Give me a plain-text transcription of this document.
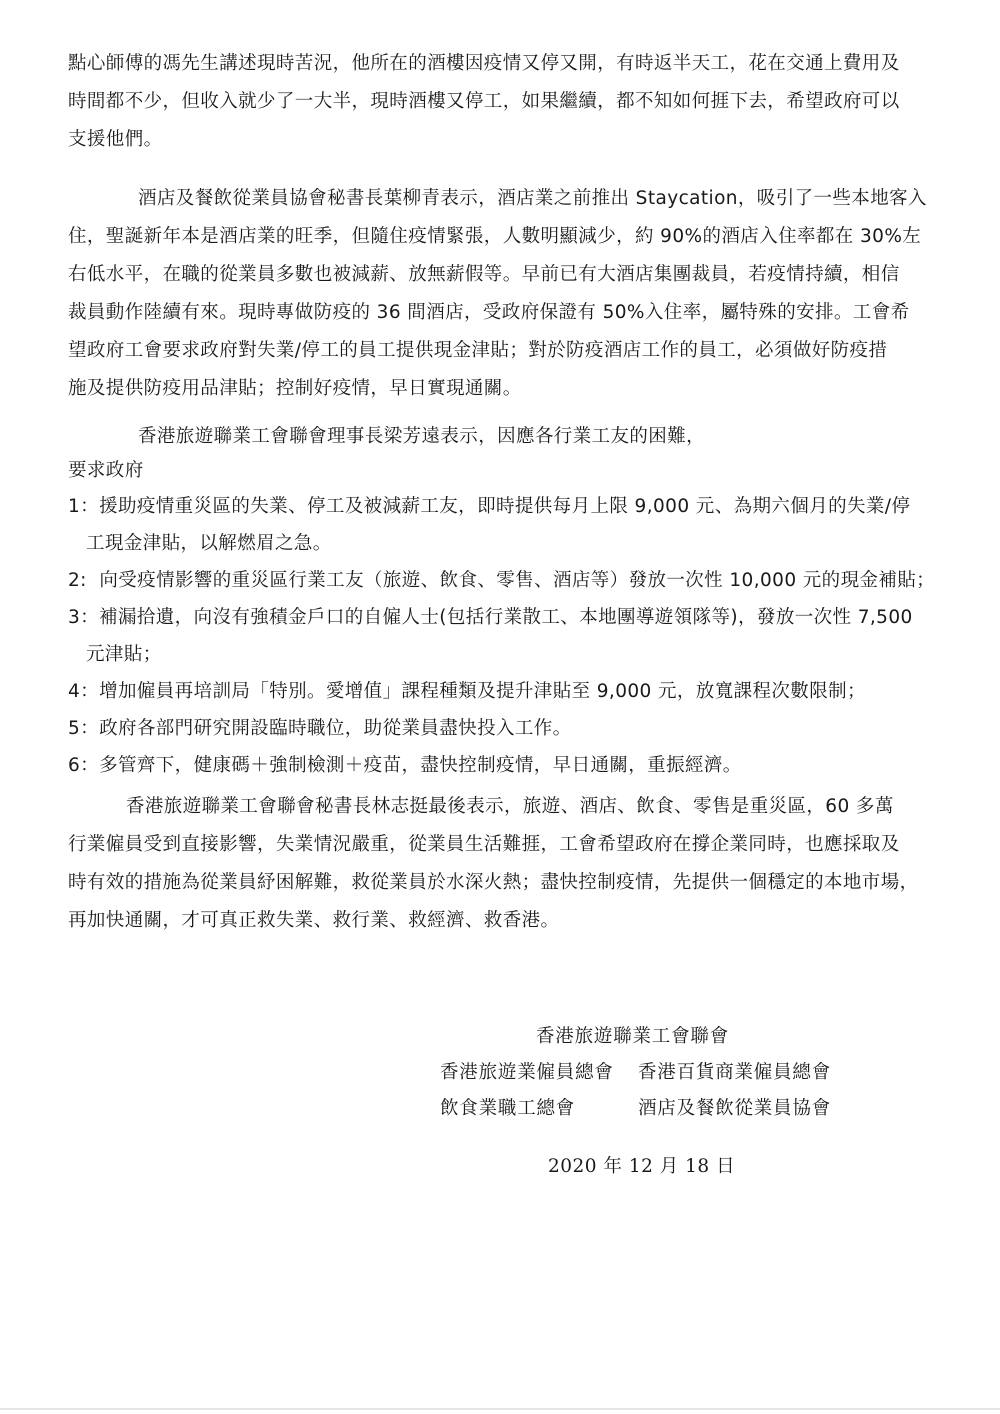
點心師傅的馮先生講述現時苦況，他所在的酒樓因疫情又停又開，有時返半天工，花在交通上費用及
時間都不少，但收入就少了一大半，現時酒樓又停工，如果繼續，都不知如何捱下去，希望政府可以
支援他們。
酒店及餐飲從業員協會秘書長葉柳青表示，酒店業之前推出 Staycation，吸引了一些本地客入
住，聖誕新年本是酒店業的旺季，但隨住疫情緊張，人數明顯減少，約 90%的酒店入住率都在 30%左
右低水平，在職的從業員多數也被減薪、放無薪假等。早前已有大酒店集團裁員，若疫情持續，相信
裁員動作陸續有來。現時專做防疫的 36 間酒店，受政府保證有 50%入住率，屬特殊的安排。工會希
望政府工會要求政府對失業/停工的員工提供現金津貼；對於防疫酒店工作的員工，必須做好防疫措
施及提供防疫用品津貼；控制好疫情，早日實現通關。
香港旅遊聯業工會聯會理事長梁芳遠表示，因應各行業工友的困難，

要求政府

1：援助疫情重災區的失業、停工及被減薪工友，即時提供每月上限 9,000 元、為期六個月的失業/停
工現金津貼，以解燃眉之急。
2:  向受疫情影響的重災區行業工友（旅遊、飲食、零售、酒店等）發放一次性 10,000 元的現金補貼；
3：補漏拾遺，向沒有強積金戶口的自僱人士(包括行業散工、本地團導遊領隊等)，發放一次性 7,500
元津貼；
4：增加僱員再培訓局「特別。愛增值」課程種類及提升津貼至 9,000 元，放寬課程次數限制；
5：政府各部門研究開設臨時職位，助從業員盡快投入工作。
6：多管齊下，健康碼＋強制檢測＋疫苗，盡快控制疫情，早日通關，重振經濟。
香港旅遊聯業工會聯會秘書長林志挺最後表示，旅遊、酒店、飲食、零售是重災區，60 多萬
行業僱員受到直接影響，失業情況嚴重，從業員生活難捱，工會希望政府在撐企業同時，也應採取及
時有效的措施為從業員紓困解難，救從業員於水深火熱；盡快控制疫情，先提供一個穩定的本地市場，
再加快通關，才可真正救失業、救行業、救經濟、救香港。
香港旅遊聯業工會聯會
香港旅遊業僱員總會 香港百貨商業僱員總會
飲食業職工總會	酒店及餐飲從業員協會
2020 年 12 月 18 日
